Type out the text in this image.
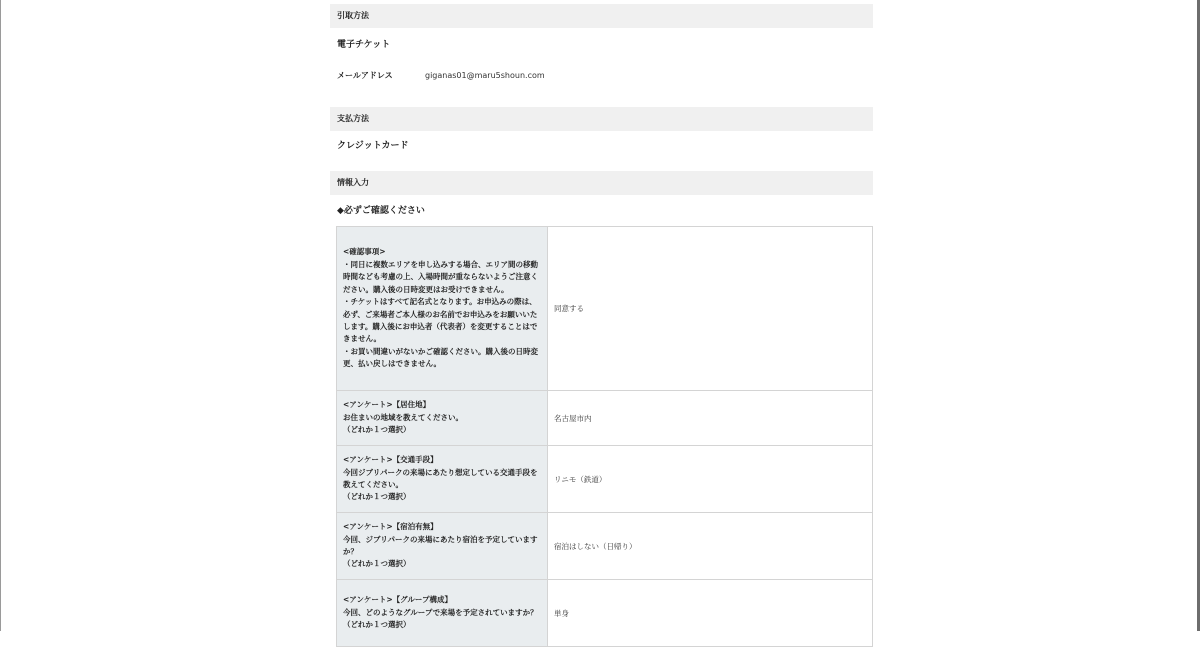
引取方法
電子チケット
メールアドレス	giganas01@maru5shoun.com
支払方法
クレジットカード
情報入力
◆必ずご確認ください
<確認事項>
・同日に複数エリアを申し込みする場合、エリア間の移動時間なども考慮の上、入場時間が重ならないようご注意ください。購入後の日時変更はお受けできません。
・チケットはすべて記名式となります。お申込みの際は、必ず、ご来場者ご本人様のお名前でお申込みをお願いいたします。購入後にお申込者（代表者）を変更することはできません。
・お買い間違いがないかご確認ください。購入後の日時変更、払い戻しはできません。	同意する
<アンケート>【居住地】
お住まいの地域を教えてください。
（どれか１つ選択）	名古屋市内
<アンケート>【交通手段】
今回ジブリパークの来場にあたり想定している交通手段を教えてください。
（どれか１つ選択）	リニモ（鉄道）
<アンケート>【宿泊有無】
今回、ジブリパークの来場にあたり宿泊を予定していますか？
（どれか１つ選択）	宿泊はしない（日帰り）
<アンケート>【グループ構成】
今回、どのようなグループで来場を予定されていますか？
（どれか１つ選択）	単身
